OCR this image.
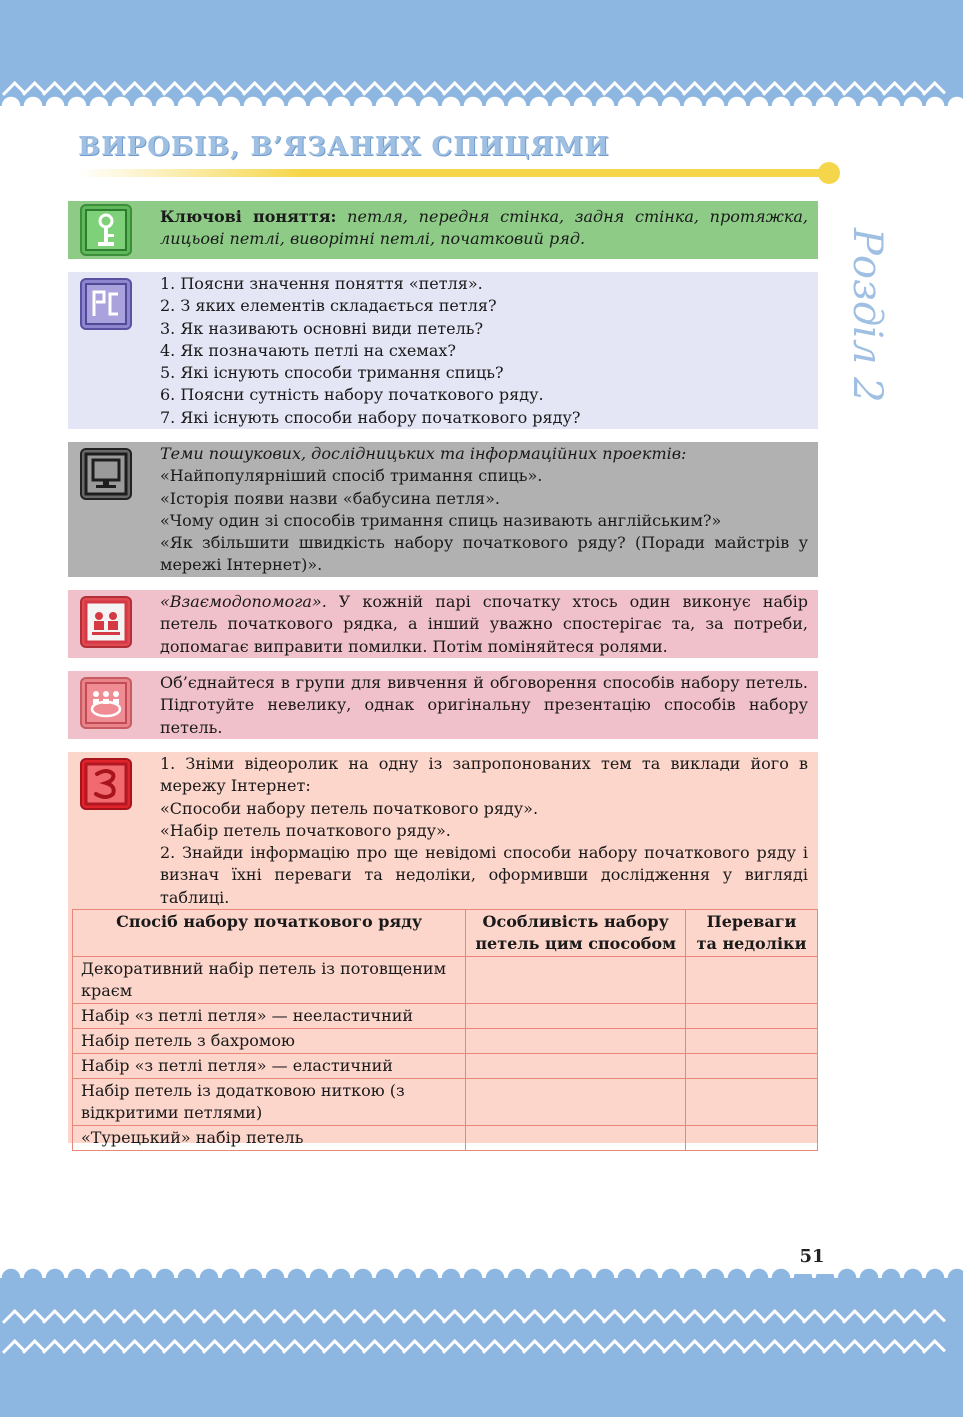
ВИРОБІВ, В’ЯЗАНИХ СПИЦЯМИ
Розділ 2

Ключові поняття: петля, передня стінка, задня стінка, протяжка, лицьові петлі, виворітні петлі, початковий ряд.

1. Поясни значення поняття «петля».

2. З яких елементів складається петля?

3. Як називають основні види петель?

4. Як позначають петлі на схемах?

5. Які існують способи тримання спиць?

6. Поясни сутність набору початкового ряду.

7. Які існують способи набору початкового ряду?

Теми пошукових, дослідницьких та інформаційних проектів:

«Найпопулярніший спосіб тримання спиць».

«Історія появи назви «бабусина петля».

«Чому один зі способів тримання спиць називають англійським?»

«Як збільшити швидкість набору початкового ряду? (Поради майстрів у мережі Інтернет)».

«Взаємодопомога». У кожній парі спочатку хтось один виконує набір петель початкового рядка, а інший уважно спостерігає та, за потреби, допомагає виправити помилки. Потім поміняйтеся ролями.

Об’єднайтеся в групи для вивчення й обговорення способів набору петель. Підготуйте невелику, однак оригінальну презентацію способів набору петель.

1. Зніми відеоролик на одну із запропонованих тем та виклади його в мережу Інтернет:

«Способи набору петель початкового ряду».

«Набір петель початкового ряду».

2. Знайди інформацію про ще невідомі способи набору початкового ряду і визнач їхні переваги та недоліки, оформивши дослідження у вигляді таблиці.

Спосіб набору початкового ряду	Особливість набору петель цим способом	Переваги та недоліки
Декоративний набір петель із потовщеним краєм		
Набір «з петлі петля» — нееластичний		
Набір петель з бахромою		
Набір «з петлі петля» — еластичний		
Набір петель із додатковою ниткою (з відкритими петлями)		
«Турецький» набір петель		
51
